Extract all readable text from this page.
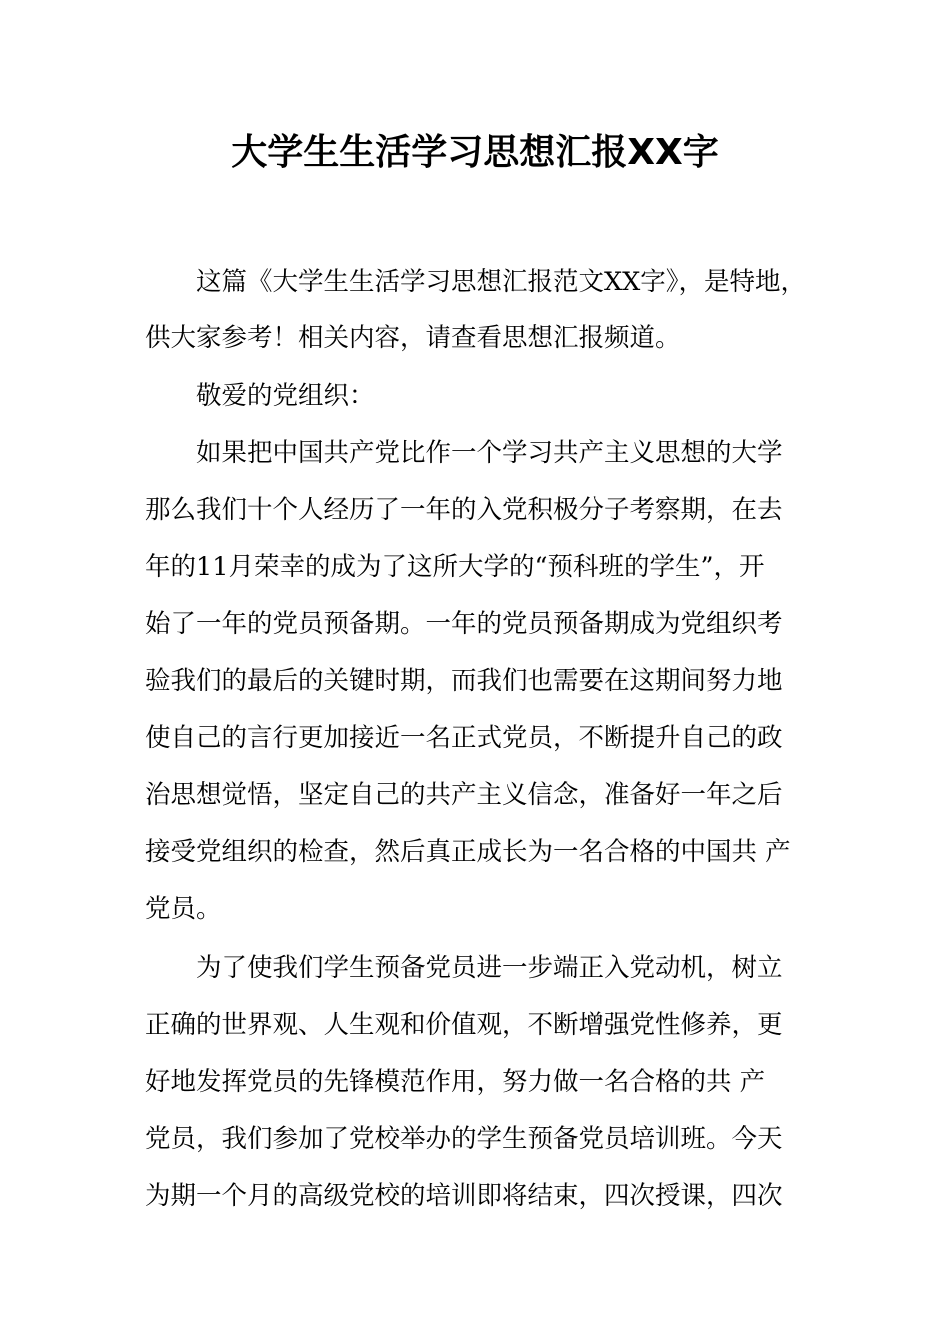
大学生生活学习思想汇报XX字
这篇《大学生生活学习思想汇报范文XX字》，是特地，
供大家参考！相关内容，请查看思想汇报频道。
敬爱的党组织：
如果把中国共产党比作一个学习共产主义思想的大学
那么我们十个人经历了一年的入党积极分子考察期，在去
年的11月荣幸的成为了这所大学的“预科班的学生”，开
始了一年的党员预备期。一年的党员预备期成为党组织考
验我们的最后的关键时期，而我们也需要在这期间努力地
使自己的言行更加接近一名正式党员，不断提升自己的政
治思想觉悟，坚定自己的共产主义信念，准备好一年之后
接受党组织的检查，然后真正成长为一名合格的中国共 产
党员。
为了使我们学生预备党员进一步端正入党动机，树立
正确的世界观、人生观和价值观，不断增强党性修养，更
好地发挥党员的先锋模范作用，努力做一名合格的共 产
党员，我们参加了党校举办的学生预备党员培训班。今天
为期一个月的高级党校的培训即将结束，四次授课，四次
